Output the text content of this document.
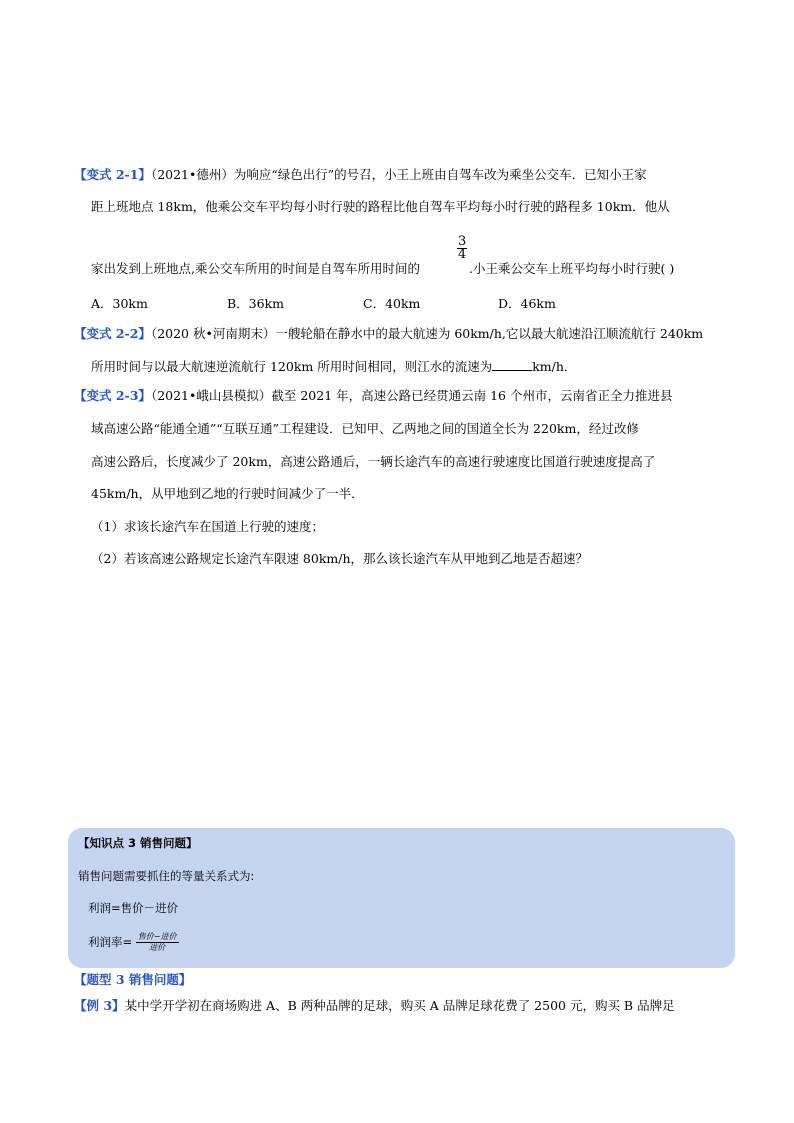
【变式 2-1】（2021•德州）为响应“绿色出行”的号召，小王上班由自驾车改为乘坐公交车．已知小王家
距上班地点 18km，他乘公交车平均每小时行驶的路程比他自驾车平均每小时行驶的路程多 10km．他从
$\frac{3}{4}$
家出发到上班地点,乘公交车所用的时间是自驾车所用时间的	.小王乘公交车上班平均每小时行驶( )
A．30km	B．36km	C．40km	D．46km
【变式 2-2】（2020 秋•河南期末）一艘轮船在静水中的最大航速为 60km/h,它以最大航速沿江顺流航行 240km
所用时间与以最大航速逆流航行 120km 所用时间相同，则江水的流速为	km/h．
【变式 2-3】（2021•峨山县模拟）截至 2021 年，高速公路已经贯通云南 16 个州市，云南省正全力推进县
域高速公路“能通全通”“互联互通”工程建设．已知甲、乙两地之间的国道全长为 220km，经过改修
高速公路后，长度减少了 20km，高速公路通后，一辆长途汽车的高速行驶速度比国道行驶速度提高了
45km/h，从甲地到乙地的行驶时间减少了一半．
（1）求该长途汽车在国道上行驶的速度；
（2）若该高速公路规定长途汽车限速 80km/h，那么该长途汽车从甲地到乙地是否超速？
【知识点 3 销售问题】
销售问题需要抓住的等量关系式为:
利润=售价－进价
利润率= 售价−进价
进价
【题型 3 销售问题】
【例 3】某中学开学初在商场购进 A、B 两种品牌的足球，购买 A 品牌足球花费了 2500 元，购买 B 品牌足
